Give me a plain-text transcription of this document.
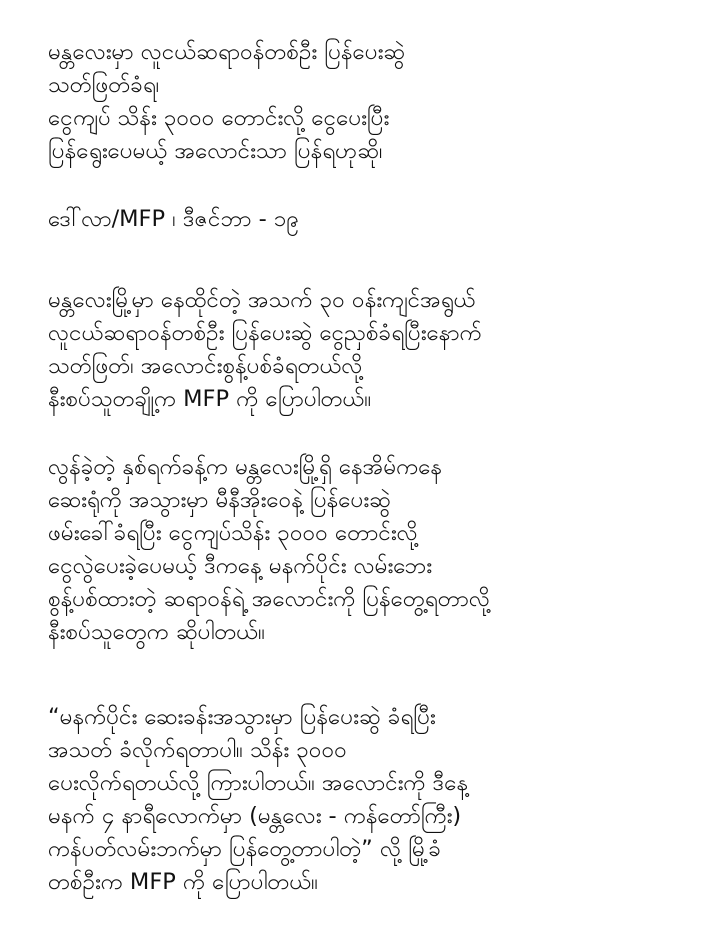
မန္တလေးမှာ လူငယ်ဆရာဝန်တစ်ဦး ပြန်ပေးဆွဲ
သတ်ဖြတ်ခံရ၊
ငွေကျပ် သိန်း ၃၀၀၀ တောင်းလို့ ငွေပေးပြီး
ပြန်ရွေးပေမယ့် အလောင်းသာ ပြန်ရဟုဆို၊

ဒေါ်လာ/MFP ၊ ဒီဇင်ဘာ - ၁၉

မန္တလေးမြို့မှာ နေထိုင်တဲ့ အသက် ၃၀ ဝန်းကျင်အရွယ်
လူငယ်ဆရာဝန်တစ်ဦး ပြန်ပေးဆွဲ ငွေညှစ်ခံရပြီးနောက်
သတ်ဖြတ်၊ အလောင်းစွန့်ပစ်ခံရတယ်လို့
နီးစပ်သူတချို့က MFP ကို ပြောပါတယ်။

လွန်ခဲ့တဲ့ နှစ်ရက်ခန့်က မန္တလေးမြို့ရှိ နေအိမ်ကနေ
ဆေးရုံကို အသွားမှာ မီနီအိုးဝေနဲ့ ပြန်ပေးဆွဲ
ဖမ်းခေါ်ခံရပြီး ငွေကျပ်သိန်း ၃၀၀၀ တောင်းလို့
ငွေလွဲပေးခဲ့ပေမယ့် ဒီကနေ့ မနက်ပိုင်း လမ်းဘေး
စွန့်ပစ်ထားတဲ့ ဆရာဝန်ရဲ့ အလောင်းကို ပြန်တွေ့ရတာလို့
နီးစပ်သူတွေက ဆိုပါတယ်။

“မနက်ပိုင်း ဆေးခန်းအသွားမှာ ပြန်ပေးဆွဲ ခံရပြီး
အသတ် ခံလိုက်ရတာပါ။ သိန်း ၃၀၀၀
ပေးလိုက်ရတယ်လို့ ကြားပါတယ်။ အလောင်းကို ဒီနေ့
မနက် ၄ နာရီလောက်မှာ (မန္တလေး - ကန်တော်ကြီး)
ကန်ပတ်လမ်းဘက်မှာ ပြန်တွေ့တာပါတဲ့” လို့ မြို့ခံ
တစ်ဦးက MFP ကို ပြောပါတယ်။
